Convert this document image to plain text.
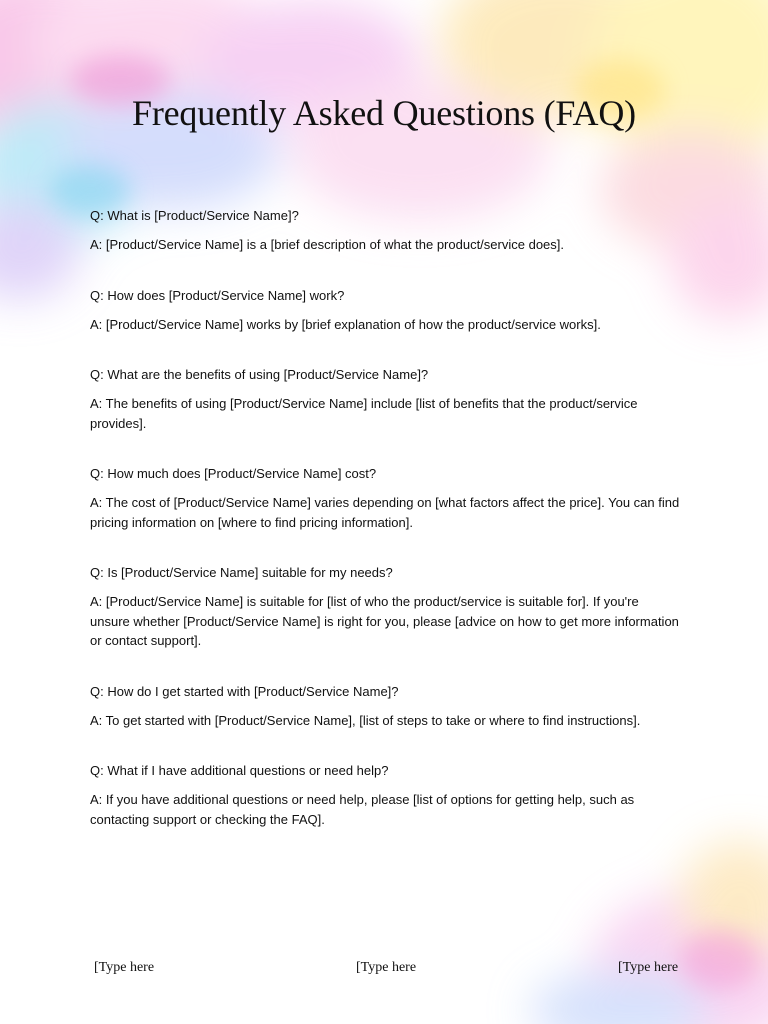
Frequently Asked Questions (FAQ)

Q: What is [Product/Service Name]?

A: [Product/Service Name] is a [brief description of what the product/service does].

Q: How does [Product/Service Name] work?

A: [Product/Service Name] works by [brief explanation of how the product/service works].

Q: What are the benefits of using [Product/Service Name]?

A: The benefits of using [Product/Service Name] include [list of benefits that the product/service provides].

Q: How much does [Product/Service Name] cost?

A: The cost of [Product/Service Name] varies depending on [what factors affect the price]. You can find pricing information on [where to find pricing information].

Q: Is [Product/Service Name] suitable for my needs?

A: [Product/Service Name] is suitable for [list of who the product/service is suitable for]. If you're unsure whether [Product/Service Name] is right for you, please [advice on how to get more information or contact support].

Q: How do I get started with [Product/Service Name]?

A: To get started with [Product/Service Name], [list of steps to take or where to find instructions].

Q: What if I have additional questions or need help?

A: If you have additional questions or need help, please [list of options for getting help, such as contacting support or checking the FAQ].

[Type here	[Type here	[Type here
